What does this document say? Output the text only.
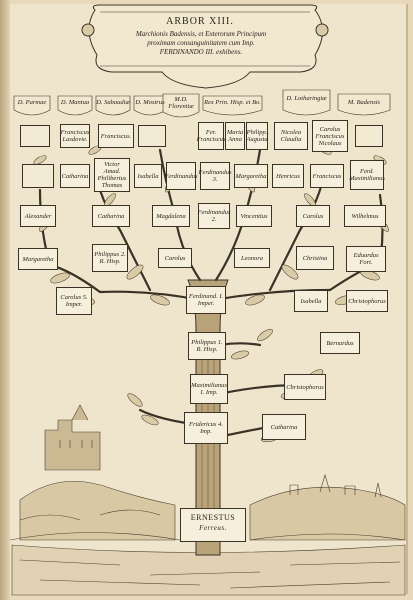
ARBOR XIII.
Marchionis Badensis, et Exterorum Principum
proximam consanguinitatem cum Imp.
FERDINANDO III. exhibens.
D. Parmae	D. Mantua	D. Sabaudiæ D. Mostrus	M.D. Florentiæ
Rex Prin. Hisp. et Bo.
D. Lotharingiæ
M. Badensis
Franciscus Lasdovie.	Franciscus.	Fer. Franciscus
Maria Anna
Philipp. Augusta
Nicolea Claudia
Carolus Franciscus Nicolaus
Catharina
Victor Amad. Philibertus Thomas
Isabella Ferdinandus Ferdinandus 3.	Margaretha	Henricus	Franciscus
Ferd. Maximilianus
Alexander	Catharina	Magdalena	Ferdinandus 2.	Vincentius	Carolus	Wilhelmus
Margaretha
Philippus 2. R. Hisp.	Carolus	Leonora	Christina	Eduardus Fort.
Carolus 5. Imper.
Ferdinand. I. Imper.	Isabella	Christophorus
Philippus 1. R. Hisp.
Bernardus
Maximilianus I. Imp.
Christophorus
Fridericus 4. Imp.
Catharina
ERNESTUS
Ferreus.
